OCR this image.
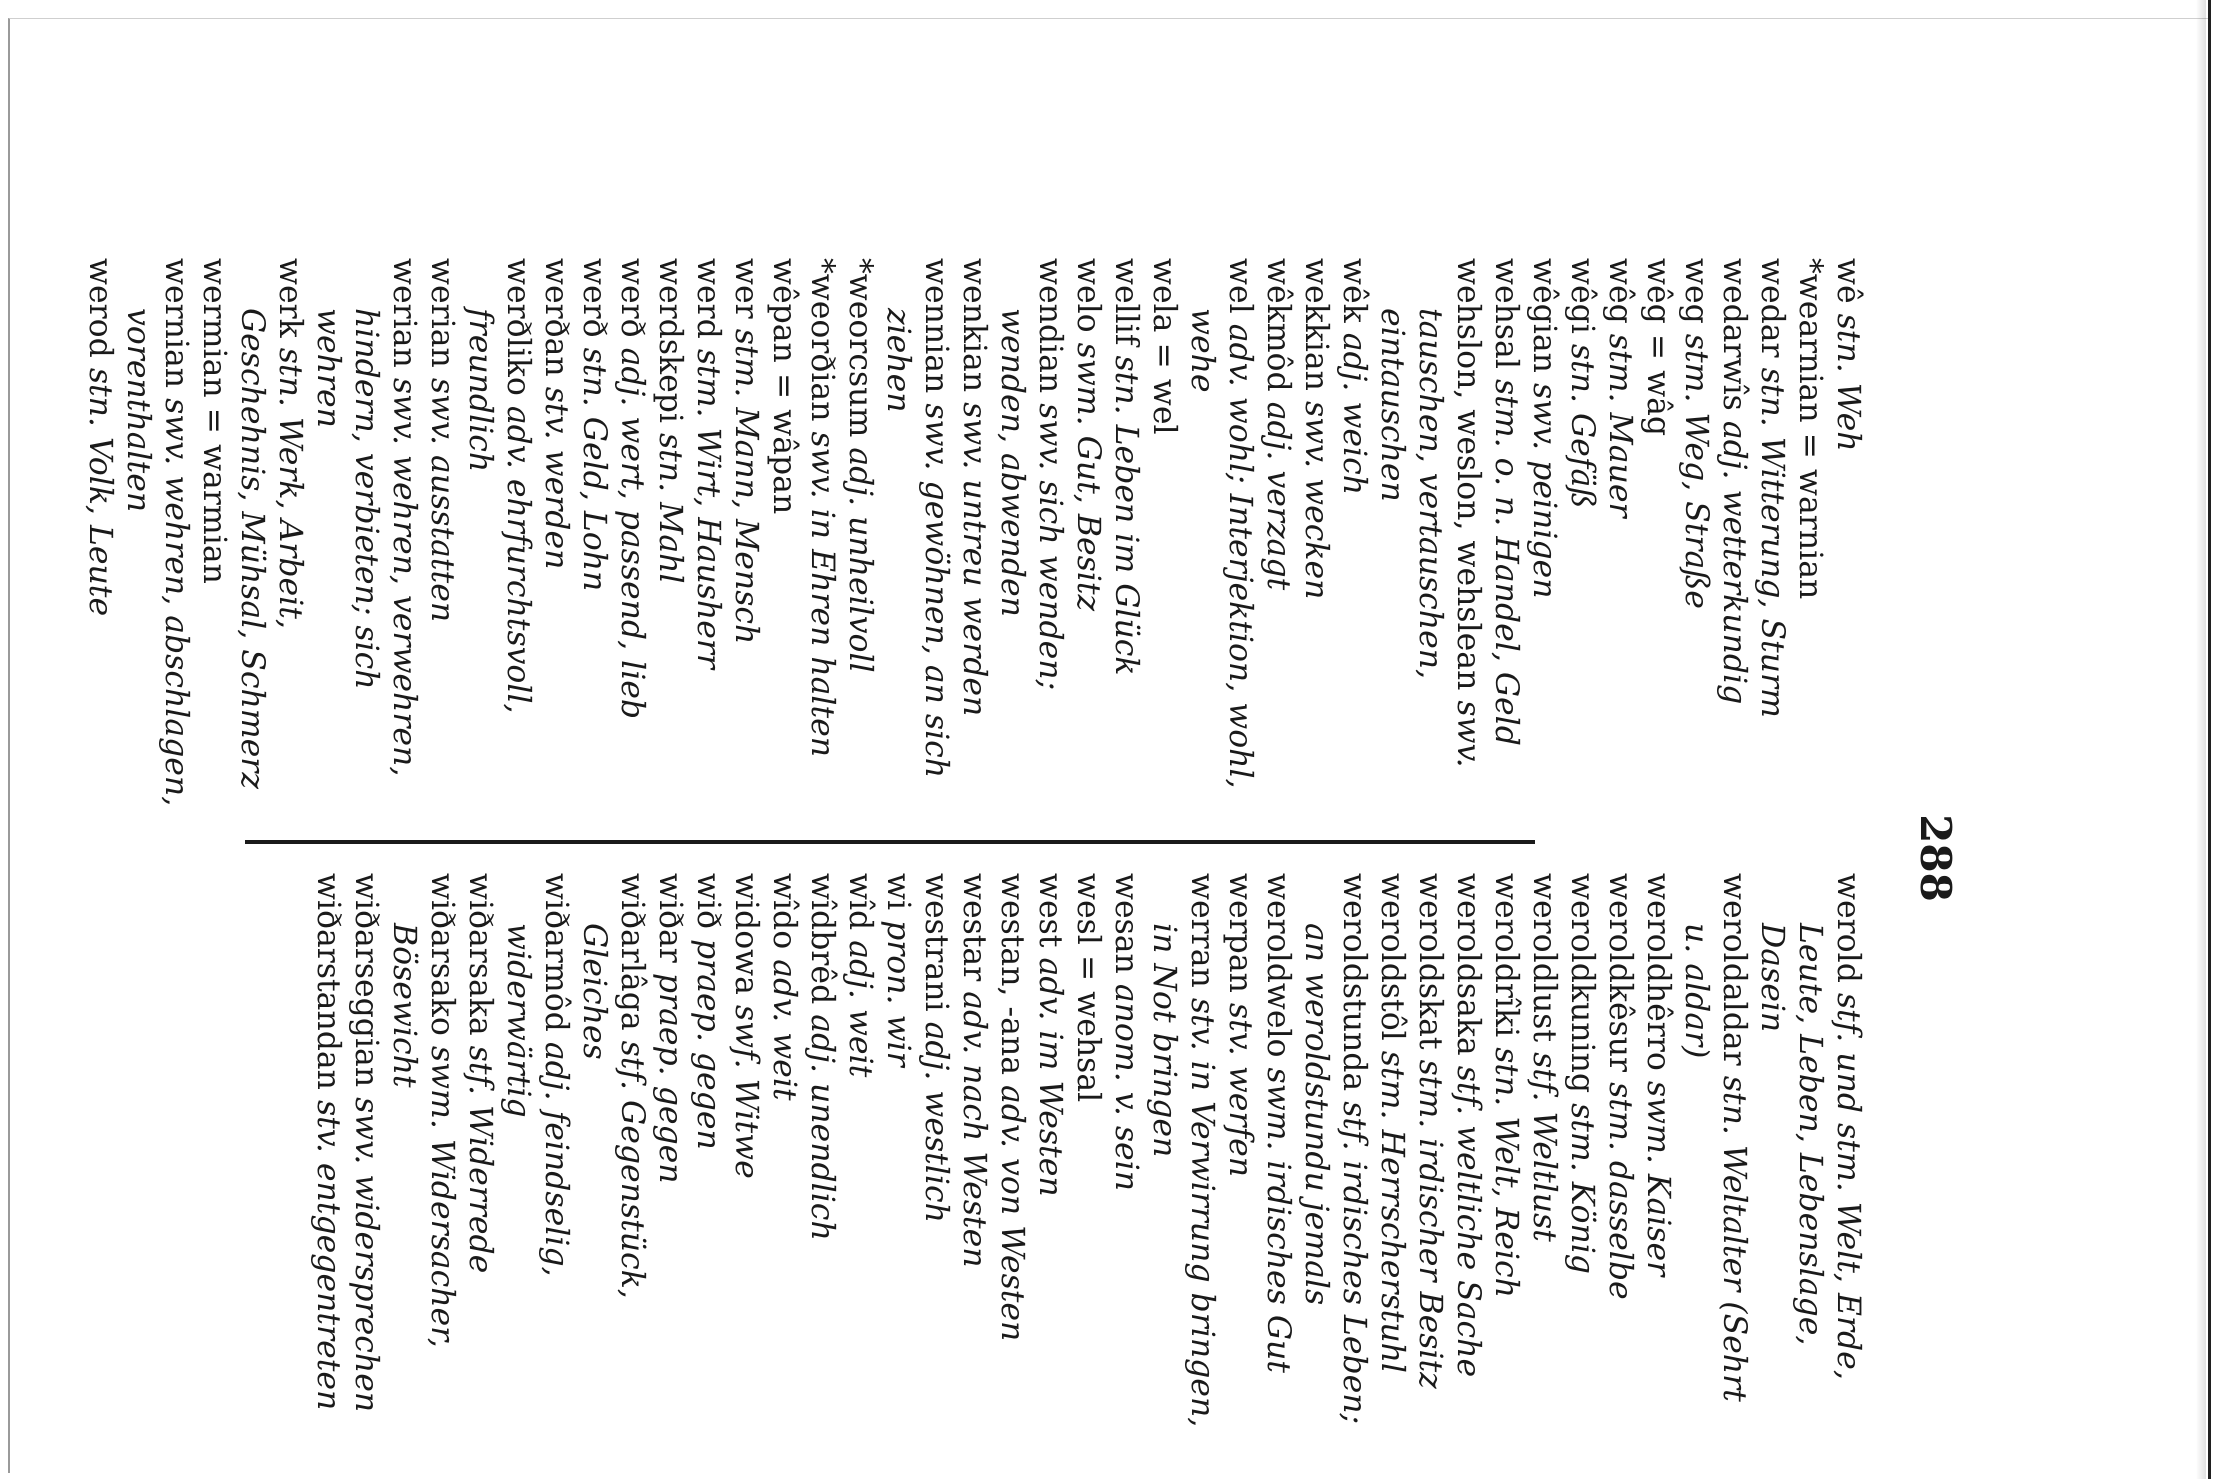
288
wê stn. Weh
*wearnian = warnian
wedar stn. Witterung, Sturm
wedarwîs adj. wetterkundig
weg stm. Weg, Straße
wêg = wâg
wêg stm. Mauer
wêgi stn. Gefäß
wêgian swv. peinigen
wehsal stm. o. n. Handel, Geld
wehslon, weslon, wehslean swv. tauschen, vertauschen, eintauschen
wêk adj. weich
wekkian swv. wecken
wêkmôd adj. verzagt
wel adv. wohl; Interjektion, wohl, wehe
wela = wel
wellif stn. Leben im Glück
welo swm. Gut, Besitz
wendian swv. sich wenden; wenden, abwenden
wenkian swv. untreu werden
wennian swv. gewöhnen, an sich ziehen
*weorcsum adj. unheilvoll
*weorðian swv. in Ehren halten
wêpan = wâpan
wer stm. Mann, Mensch
werd stm. Wirt, Hausherr
werdskepi stn. Mahl
werð adj. wert, passend, lieb
werð stn. Geld, Lohn
werðan stv. werden
werðliko adv. ehrfurchtsvoll, freundlich
werian swv. ausstatten
werian swv. wehren, verwehren, hindern, verbieten; sich wehren
werk stn. Werk, Arbeit, Geschehnis, Mühsal, Schmerz
wermian = warmian
wernian swv. wehren, abschlagen, vorenthalten
werod stn. Volk, Leute
werold stf. und stm. Welt, Erde, Leute, Leben, Lebenslage, Dasein
weroldaldar stn. Weltalter (Sehrt u. aldar)
weroldhêrro swm. Kaiser
weroldkêsur stm. dasselbe
weroldkuning stm. König
weroldlust stf. Weltlust
weroldrîki stn. Welt, Reich
weroldsaka stf. weltliche Sache
weroldskat stm. irdischer Besitz
weroldstôl stm. Herrscherstuhl
weroldstunda stf. irdisches Leben; an weroldstundu jemals
weroldwelo swm. irdisches Gut
werpan stv. werfen
werran stv. in Verwirrung bringen, in Not bringen
wesan anom. v. sein
wesl = wehsal
west adv. im Westen
westan, -ana adv. von Westen
westar adv. nach Westen
westrani adj. westlich
wi pron. wir
wîd adj. weit
wîdbrêd adj. unendlich
wîdo adv. weit
widowa swf. Witwe
wið praep. gegen
wiðar praep. gegen
wiðarlâga stf. Gegenstück, Gleiches
wiðarmôd adj. feindselig, widerwärtig
wiðarsaka stf. Widerrede
wiðarsako swm. Widersacher, Bösewicht
wiðarseggian swv. widersprechen
wiðarstandan stv. entgegentreten
